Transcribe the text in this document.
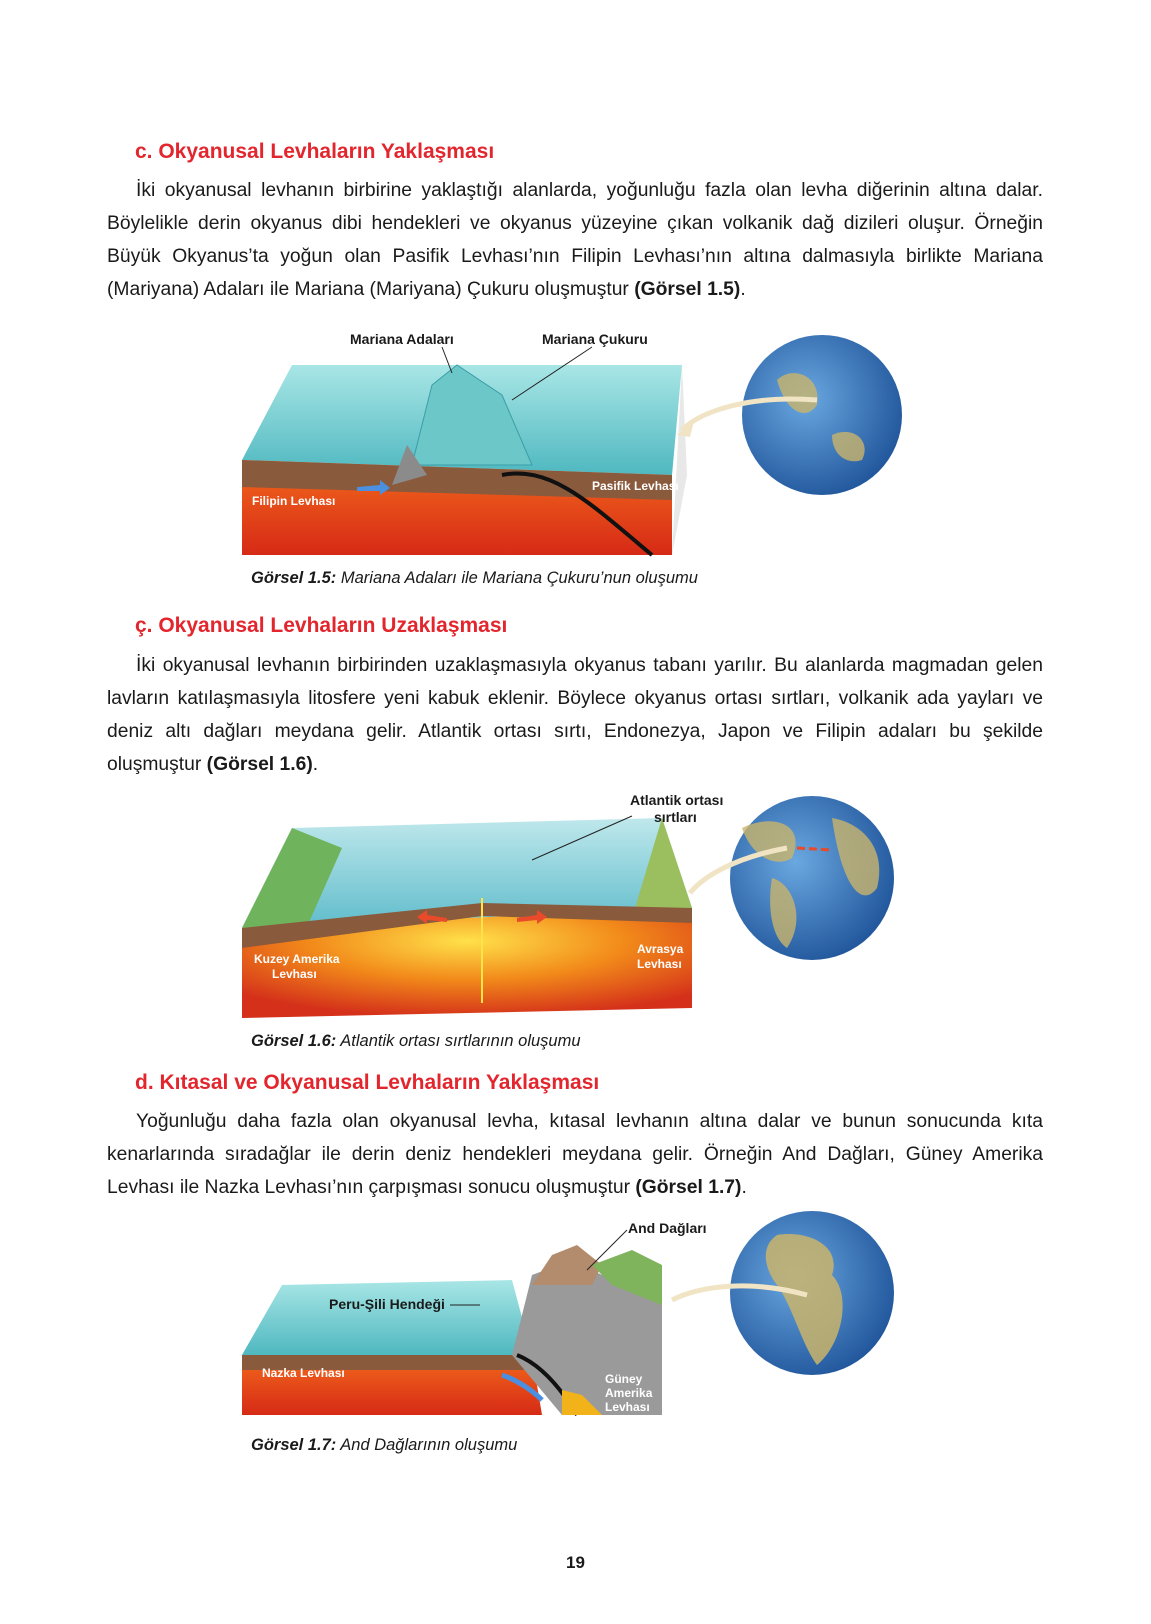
c. Okyanusal Levhaların Yaklaşması

İki okyanusal levhanın birbirine yaklaştığı alanlarda, yoğunluğu fazla olan levha diğerinin altına dalar. Böylelikle derin okyanus dibi hendekleri ve okyanus yüzeyine çıkan volkanik dağ dizileri oluşur. Örneğin Büyük Okyanus’ta yoğun olan Pasifik Levhası’nın Filipin Levhası’nın altına dalmasıyla birlikte Mariana (Mariyana) Adaları ile Mariana (Mariyana) Çukuru oluşmuştur (Görsel 1.5).

Mariana Adaları	Mariana Çukuru
Filipin Levhası
Pasifik Levhası

Görsel 1.5: Mariana Adaları ile Mariana Çukuru’nun oluşumu

ç. Okyanusal Levhaların Uzaklaşması

İki okyanusal levhanın birbirinden uzaklaşmasıyla okyanus tabanı yarılır. Bu alanlarda magmadan gelen lavların katılaşmasıyla litosfere yeni kabuk eklenir. Böylece okyanus ortası sırtları, volkanik ada yayları ve deniz altı dağları meydana gelir. Atlantik ortası sırtı, Endonezya, Japon ve Filipin adaları bu şekilde oluşmuştur (Görsel 1.6).

Atlantik ortası
sırtları
Kuzey Amerika
Levhası
Avrasya
Levhası

Görsel 1.6: Atlantik ortası sırtlarının oluşumu

d. Kıtasal ve Okyanusal Levhaların Yaklaşması

Yoğunluğu daha fazla olan okyanusal levha, kıtasal levhanın altına dalar ve bunun sonucunda kıta kenarlarında sıradağlar ile derin deniz hendekleri meydana gelir. Örneğin And Dağları, Güney Amerika Levhası ile Nazka Levhası’nın çarpışması sonucu oluşmuştur (Görsel 1.7).

And Dağları
Peru-Şili Hendeği
Nazka Levhası	Güney
Amerika
Levhası

Görsel 1.7: And Dağlarının oluşumu

19
